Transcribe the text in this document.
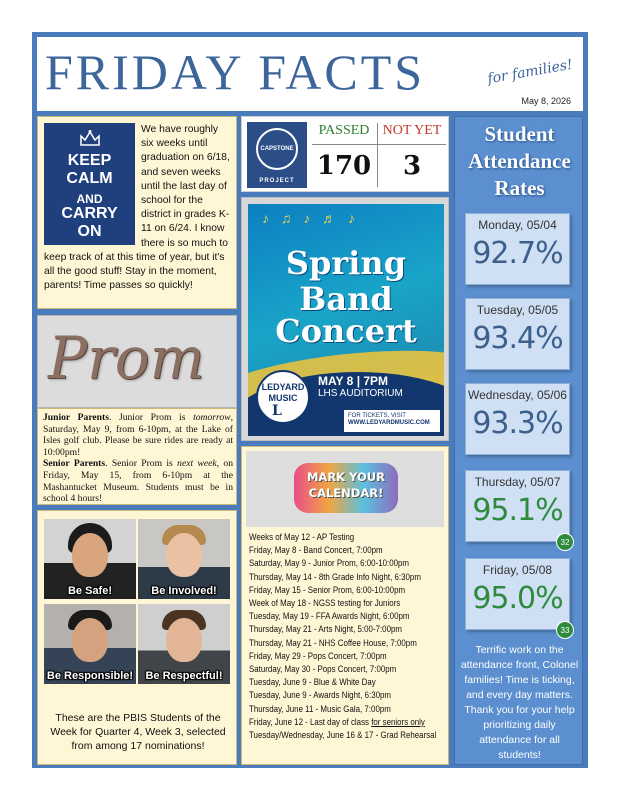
FRIDAY FACTS	for families!
May 8, 2026
KEEP
CALM
AND
CARRY
ON
We have roughly six weeks until graduation on 6/18, and seven weeks until the last day of school for the district in grades K-11 on 6/24. I know there is so much to keep track of at this time of year, but it's all the good stuff! Stay in the moment, parents! Time passes so quickly!
Prom
Junior Parents. Junior Prom is tomorrow, Saturday, May 9, from 6-10pm, at the Lake of Isles golf club. Please be sure rides are ready at 10:00pm!
Senior Parents. Senior Prom is next week, on Friday, May 15, from 6-10pm at the Mashantucket Museum. Students must be in school 4 hours!
Be Safe!	Be Involved!
Be Responsible!	Be Respectful!
These are the PBIS Students of the Week for Quarter 4, Week 3, selected from among 17 nominations!
CAPSTONE
PROJECT
PASSED NOT YET
170	3
♪ ♫ ♪ ♬ ♪
Spring
Band
Concert
LEDYARD
MUSIC
L
MAY 8 | 7PM
LHS AUDITORIUM
FOR TICKETS, VISIT
WWW.LEDYARDMUSIC.COM
MARK YOUR CALENDAR!
Weeks of May 12 - AP Testing
Friday, May 8 - Band Concert, 7:00pm
Saturday, May 9 - Junior Prom, 6:00-10:00pm
Thursday, May 14 - 8th Grade Info Night, 6:30pm
Friday, May 15 - Senior Prom, 6:00-10:00pm
Week of May 18 - NGSS testing for Juniors
Tuesday, May 19 - FFA Awards Night, 6:00pm
Thursday, May 21 - Arts Night, 5:00-7:00pm
Thursday, May 21 - NHS Coffee House, 7:00pm
Friday, May 29 - Pops Concert, 7:00pm
Saturday, May 30 - Pops Concert, 7:00pm
Tuesday, June 9 - Blue & White Day
Tuesday, June 9 - Awards Night, 6:30pm
Thursday, June 11 - Music Gala, 7:00pm
Friday, June 12 - Last day of class for seniors only
Tuesday/Wednesday, June 16 & 17 - Grad Rehearsal
Student
Attendance
Rates
Monday, 05/04
92.7%
Tuesday, 05/05
93.4%
Wednesday, 05/06
93.3%
Thursday, 05/07
95.1%
32
Friday, 05/08
95.0%
33
Terrific work on the attendance front, Colonel families! Time is ticking, and every day matters. Thank you for your help prioritizing daily attendance for all students!
